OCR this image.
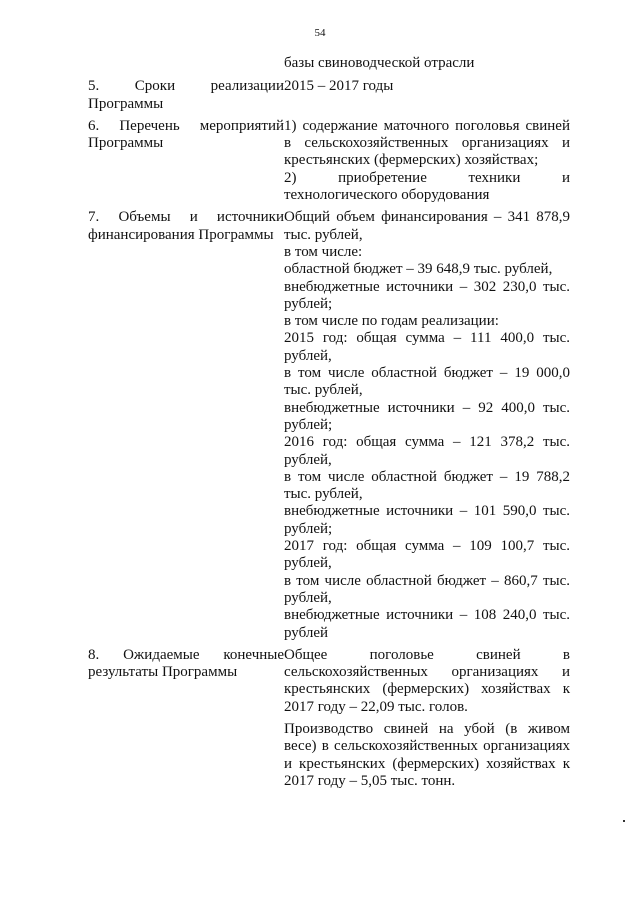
54
базы свиноводческой отрасли
5. Сроки реализации Программы
2015 – 2017 годы
6. Перечень мероприятий Программы
1) содержание маточного поголовья свиней в сельскохозяйственных организациях и крестьянских (фермерских) хозяйствах;
2) приобретение техники и технологического оборудования
7. Объемы и источники финансирования Программы
Общий объем финансирования – 341 878,9 тыс. рублей,
в том числе:
областной бюджет – 39 648,9 тыс. рублей,
внебюджетные источники – 302 230,0 тыс. рублей;
в том числе по годам реализации:
2015 год: общая сумма – 111 400,0 тыс. рублей,
в том числе областной бюджет – 19 000,0 тыс. рублей,
внебюджетные источники – 92 400,0 тыс. рублей;
2016 год: общая сумма – 121 378,2 тыс. рублей,
в том числе областной бюджет – 19 788,2 тыс. рублей,
внебюджетные источники – 101 590,0 тыс. рублей;
2017 год: общая сумма – 109 100,7 тыс. рублей,
в том числе областной бюджет – 860,7 тыс. рублей,
внебюджетные источники – 108 240,0 тыс. рублей
8. Ожидаемые конечные результаты Программы
Общее поголовье свиней в сельскохозяйственных организациях и крестьянских (фермерских) хозяйствах к 2017 году – 22,09 тыс. голов.
Производство свиней на убой (в живом весе) в сельскохозяйственных организациях и крестьянских (фермерских) хозяйствах к 2017 году – 5,05 тыс. тонн.
